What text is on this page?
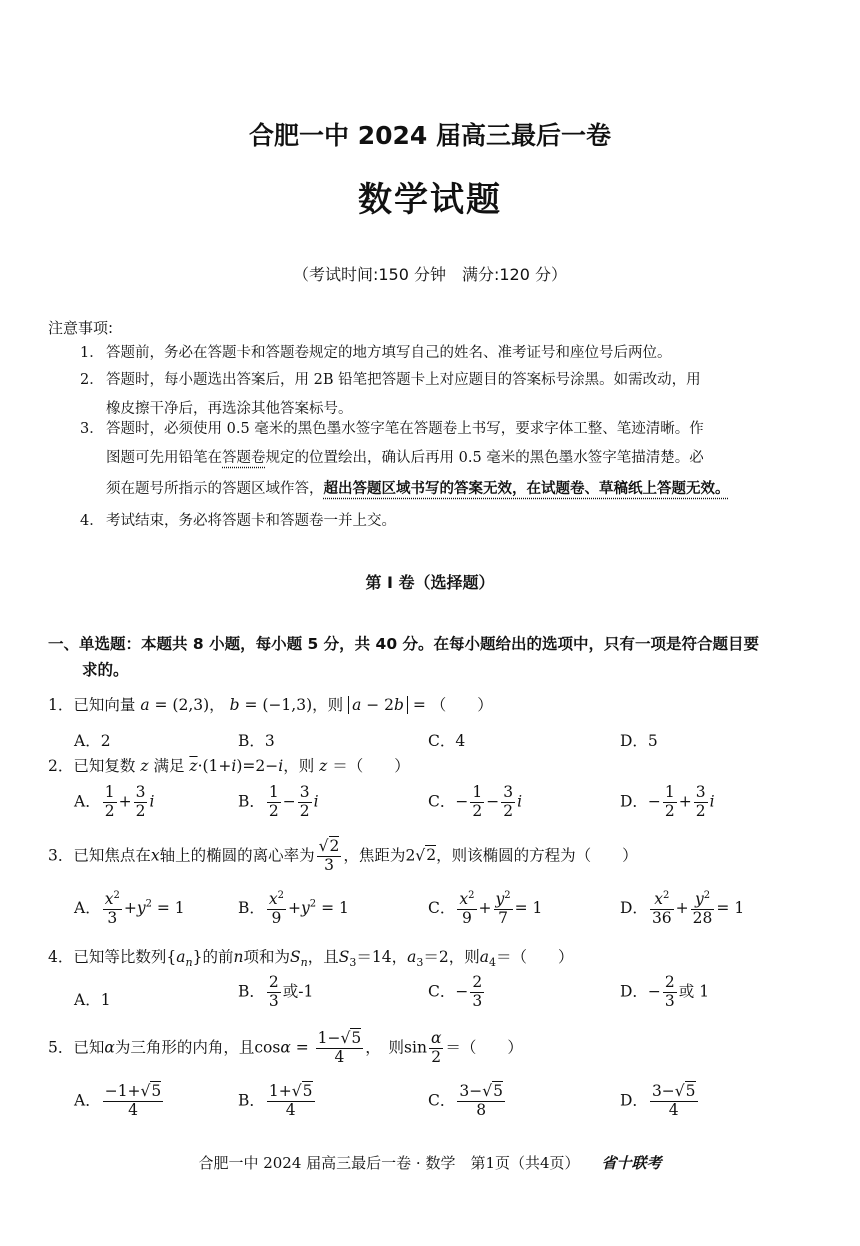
合肥一中 2024 届高三最后一卷
数学试题
（考试时间:150 分钟　满分:120 分）
注意事项:
1． 答题前，务必在答题卡和答题卷规定的地方填写自己的姓名、准考证号和座位号后两位。
2． 答题时，每小题选出答案后，用 2B 铅笔把答题卡上对应题目的答案标号涂黑。如需改动，用
橡皮擦干净后，再选涂其他答案标号。
3． 答题时，必须使用 0.5 毫米的黑色墨水签字笔在答题卷上书写，要求字体工整、笔迹清晰。作
图题可先用铅笔在答题卷规定的位置绘出，确认后再用 0.5 毫米的黑色墨水签字笔描清楚。必
须在题号所指示的答题区域作答，超出答题区域书写的答案无效，在试题卷、草稿纸上答题无效。
4． 考试结束，务必将答题卡和答题卷一并上交。
第 I 卷（选择题）
一、单选题：本题共 8 小题，每小题 5 分，共 40 分。在每小题给出的选项中，只有一项是符合题目要
求的。
1．已知向量 a = (2,3)， b = (−1,3)，则 a − 2b = （　　）
A．2	B．3	C．4	D．5
2．已知复数 z 满足 $\overline{z}\cdot(1+i)=2-i$，则 z ＝（　　）
A． $\frac{1}{2} + \frac{3}{2}$ i	B． $\frac{1}{2} - \frac{3}{2}$ i	C．− $\frac{1}{2} - \frac{3}{2}$ i	D．− $\frac{1}{2} + \frac{3}{2}$ i
3．已知焦点在x轴上的椭圆的离心率为 $\frac{√2}{3}$ ，焦距为2√2，则该椭圆的方程为（　　）
A． $\frac{x^2}{3} +y^2 = 1$	B． $\frac{x^2}{9} +y^2 = 1$	C． $\frac{x^2}{9} + \frac{y^2}{7} = 1$	D． $\frac{x^2}{36} + \frac{y^2}{28} = 1$
4．已知等比数列$\{a_n\}$的前n项和为$S_n$，且$S_3=14$，$a_3=2$，则$a_4=$（　　）
A．1	B． $\frac{2}{3}$ 或-1	C．− $\frac{2}{3}$	D．− $\frac{2}{3}$ 或 1
5．已知α为三角形的内角，且$\cos\alpha = \frac{1-√5}{4}$ ，　则$\sin \frac{\alpha}{2}$ ＝（　　）
A． $\frac{-1+√5}{4}$	B． $\frac{1+√5}{4}$	C． $\frac{3-√5}{8}$	D． $\frac{3-√5}{4}$
合肥一中 2024 届高三最后一卷 · 数学　第1页（共4页） 省十联考
